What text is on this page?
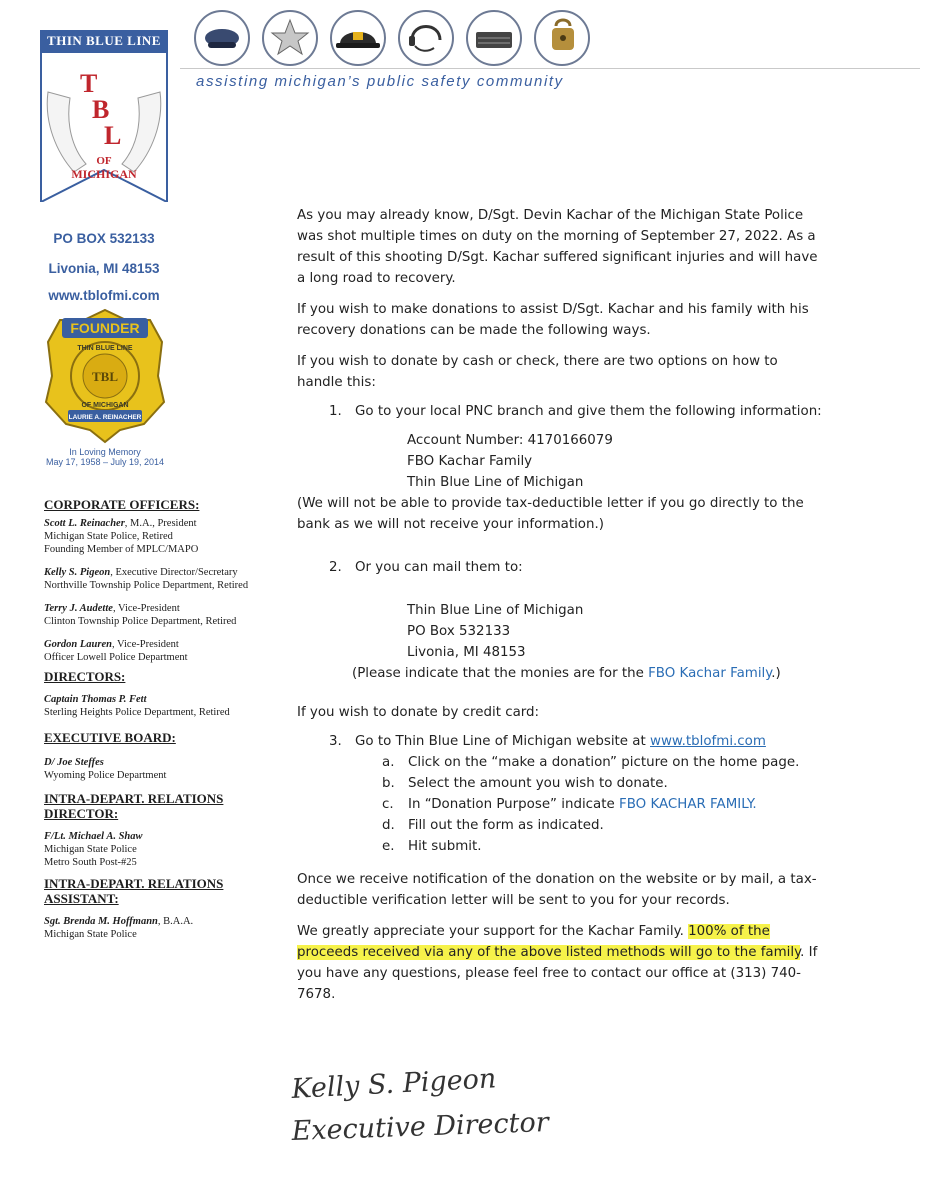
THIN BLUE LINE
T
B
L
OF
MICHIGAN
assisting michigan’s public safety community
PO BOX 532133
Livonia, MI 48153
www.tblofmi.com
FOUNDER
THIN BLUE LINE
OF MICHIGAN
TBL
LAURIE A. REINACHER
In Loving Memory
May 17, 1958 – July 19, 2014
CORPORATE OFFICERS:

Scott L. Reinacher, M.A., President

Michigan State Police, Retired

Founding Member of MPLC/MAPO

Kelly S. Pigeon, Executive Director/Secretary

Northville Township Police Department, Retired

Terry J. Audette, Vice-President

Clinton Township Police Department, Retired

Gordon Lauren, Vice-President

Officer Lowell Police Department

DIRECTORS:

Captain Thomas P. Fett

Sterling Heights Police Department, Retired

EXECUTIVE BOARD:

D/ Joe Steffes

Wyoming Police Department

INTRA-DEPART. RELATIONS DIRECTOR:

F/Lt. Michael A. Shaw

Michigan State Police

Metro South Post-#25

INTRA-DEPART. RELATIONS ASSISTANT:

Sgt. Brenda M. Hoffmann, B.A.A.

Michigan State Police

As you may already know, D/Sgt. Devin Kachar of the Michigan State Police was shot multiple times on duty on the morning of September 27, 2022. As a result of this shooting D/Sgt. Kachar suffered significant injuries and will have a long road to recovery.

If you wish to make donations to assist D/Sgt. Kachar and his family with his recovery donations can be made the following ways.

If you wish to donate by cash or check, there are two options on how to handle this:

1. Go to your local PNC branch and give them the following information:

Account Number: 4170166079

FBO Kachar Family

Thin Blue Line of Michigan

(We will not be able to provide tax-deductible letter if you go directly to the bank as we will not receive your information.)

2. Or you can mail them to:

Thin Blue Line of Michigan

PO Box 532133

Livonia, MI 48153

(Please indicate that the monies are for the FBO Kachar Family.)

If you wish to donate by credit card:

3. Go to Thin Blue Line of Michigan website at www.tblofmi.com

a. Click on the “make a donation” picture on the home page.

b. Select the amount you wish to donate.

c. In “Donation Purpose” indicate FBO KACHAR FAMILY.

d. Fill out the form as indicated.

e. Hit submit.

Once we receive notification of the donation on the website or by mail, a tax-deductible verification letter will be sent to you for your records.

We greatly appreciate your support for the Kachar Family. 100% of the proceeds received via any of the above listed methods will go to the family. If you have any questions, please feel free to contact our office at (313) 740-7678.

Kelly S. Pigeon
Executive Director
